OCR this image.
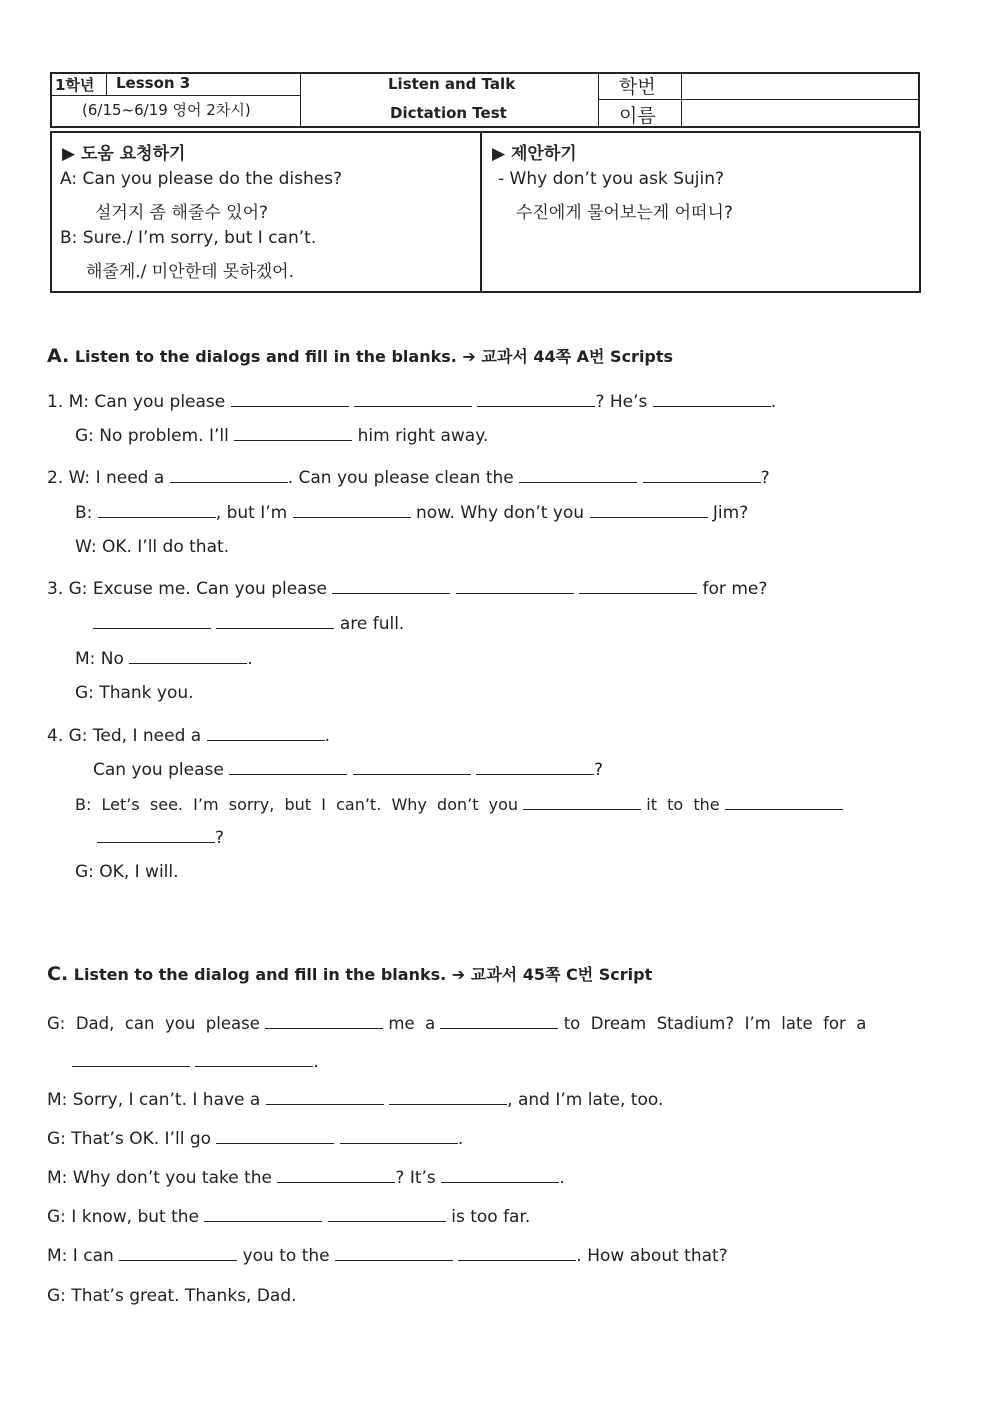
1학년 Lesson 3
(6/15~6/19 영어 2차시)
Listen and Talk
Dictation Test
학번
이름
▶ 도움 요청하기
A: Can you please do the dishes?
설거지 좀 해줄수 있어?
B: Sure./ I’m sorry, but I can’t.
해줄게./ 미안한데 못하겠어.
▶ 제안하기
- Why don’t you ask Sujin?
수진에게 물어보는게 어떠니?
A. Listen to the dialogs and fill in the blanks. ➔ 교과서 44쪽 A번 Scripts
1. M: Can you please	? He’s	.
G: No problem. I’ll	him right away.
2. W: I need a	. Can you please clean the	?
B:	, but I’m	now. Why don’t you	Jim?
W: OK. I’ll do that.
3. G: Excuse me. Can you please	for me?
are full.
M: No	.
G: Thank you.
4. G: Ted, I need a	.
Can you please	?
B:  Let’s  see.  I’m  sorry,  but  I  can’t.  Why  don’t  you	it  to  the
?
G: OK, I will.
C. Listen to the dialog and fill in the blanks. ➔ 교과서 45쪽 C번 Script
G:  Dad,  can  you  please	me  a	to  Dream  Stadium?  I’m  late  for  a
.
M: Sorry, I can’t. I have a	, and I’m late, too.
G: That’s OK. I’ll go	.
M: Why don’t you take the	? It’s	.
G: I know, but the	is too far.
M: I can	you to the	. How about that?
G: That’s great. Thanks, Dad.
